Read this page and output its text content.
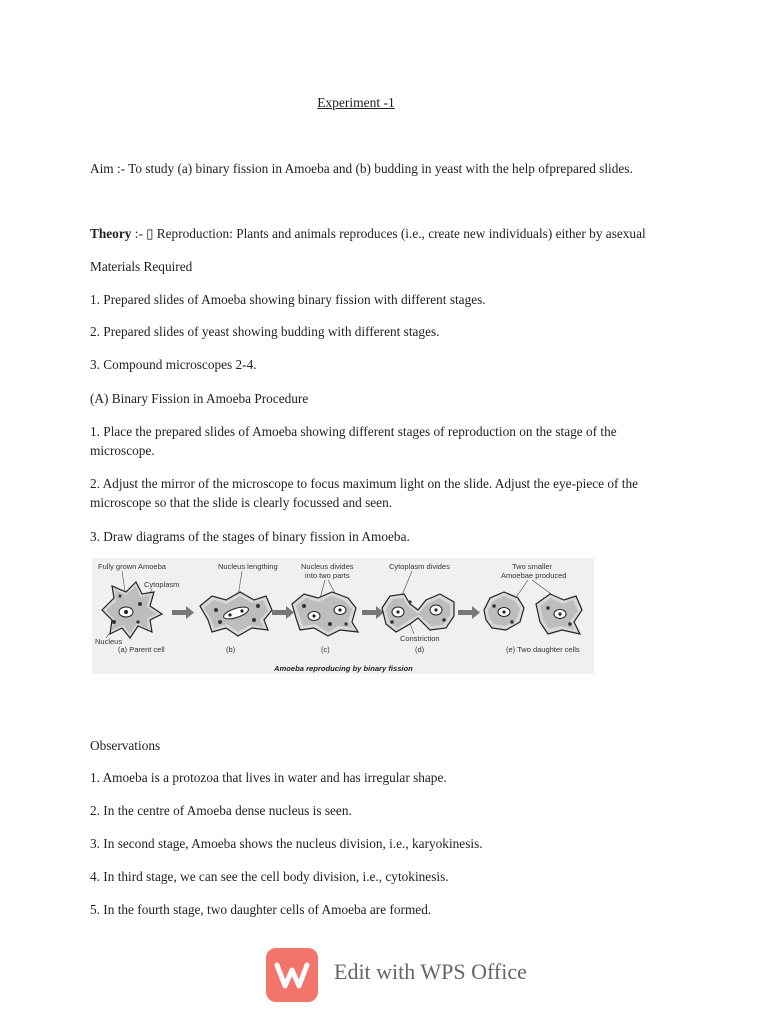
Experiment -1
Aim :- To study (a) binary fission in Amoeba and (b) budding in yeast with the help ofprepared slides.
Theory :- ▯ Reproduction: Plants and animals reproduces (i.e., create new individuals) either by asexual
Materials Required
1. Prepared slides of Amoeba showing binary fission with different stages.
2. Prepared slides of yeast showing budding with different stages.
3. Compound microscopes 2-4.
(A) Binary Fission in Amoeba Procedure
1. Place the prepared slides of Amoeba showing different stages of reproduction on the stage of the microscope.
2. Adjust the mirror of the microscope to focus maximum light on the slide. Adjust the eye-piece of the microscope so that the slide is clearly focussed and seen.
3. Draw diagrams of the stages of binary fission in Amoeba.
Fully grown Amoeba
Cytoplasm
Nucleus
Nucleus lengthing	Nucleus divides
into two parts
Cytoplasm divides	Two smaller
Amoebae produced
Constriction
(a) Parent cell	(b)	(c)	(d)	(e) Two daughter cells
Amoeba reproducing by binary fission
Observations
1. Amoeba is a protozoa that lives in water and has irregular shape.
2. In the centre of Amoeba dense nucleus is seen.
3. In second stage, Amoeba shows the nucleus division, i.e., karyokinesis.
4. In third stage, we can see the cell body division, i.e., cytokinesis.
5. In the fourth stage, two daughter cells of Amoeba are formed.
Edit with WPS Office
